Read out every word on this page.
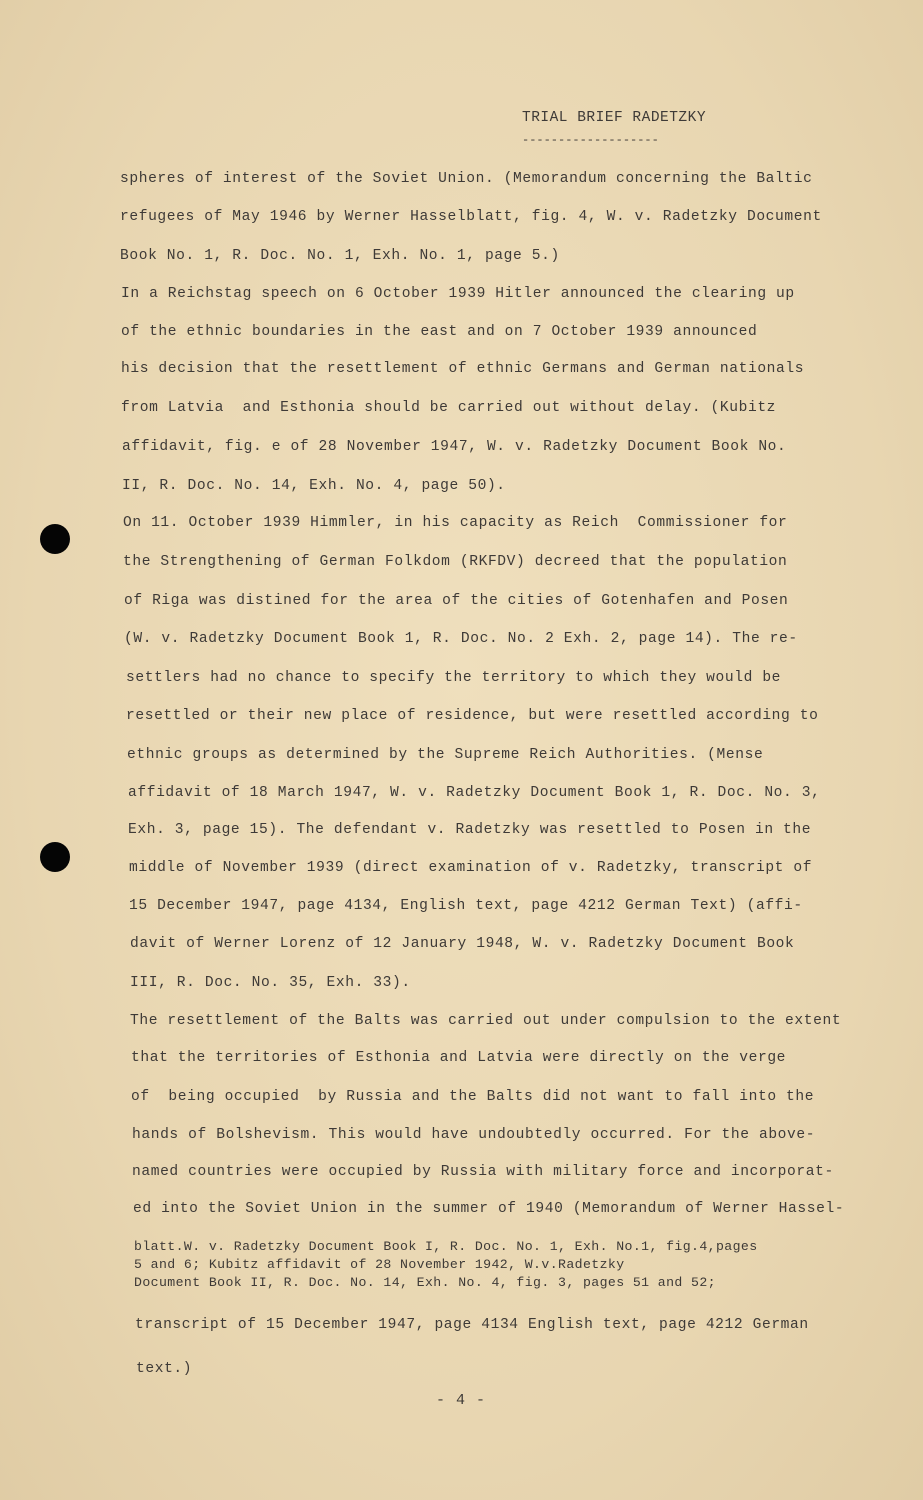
TRIAL BRIEF RADETZKY
-------------------
spheres of interest of the Soviet Union. (Memorandum concerning the Baltic
refugees of May 1946 by Werner Hasselblatt, fig. 4, W. v. Radetzky Document
Book No. 1, R. Doc. No. 1, Exh. No. 1, page 5.)
In a Reichstag speech on 6 October 1939 Hitler announced the clearing up
of the ethnic boundaries in the east and on 7 October 1939 announced
his decision that the resettlement of ethnic Germans and German nationals
from Latvia  and Esthonia should be carried out without delay. (Kubitz
affidavit, fig. e of 28 November 1947, W. v. Radetzky Document Book No.
II, R. Doc. No. 14, Exh. No. 4, page 50).
On 11. October 1939 Himmler, in his capacity as Reich  Commissioner for
the Strengthening of German Folkdom (RKFDV) decreed that the population
of Riga was distined for the area of the cities of Gotenhafen and Posen
(W. v. Radetzky Document Book 1, R. Doc. No. 2 Exh. 2, page 14). The re-
settlers had no chance to specify the territory to which they would be
resettled or their new place of residence, but were resettled according to
ethnic groups as determined by the Supreme Reich Authorities. (Mense
affidavit of 18 March 1947, W. v. Radetzky Document Book 1, R. Doc. No. 3,
Exh. 3, page 15). The defendant v. Radetzky was resettled to Posen in the
middle of November 1939 (direct examination of v. Radetzky, transcript of
15 December 1947, page 4134, English text, page 4212 German Text) (affi-
davit of Werner Lorenz of 12 January 1948, W. v. Radetzky Document Book
III, R. Doc. No. 35, Exh. 33).
The resettlement of the Balts was carried out under compulsion to the extent
that the territories of Esthonia and Latvia were directly on the verge
of  being occupied  by Russia and the Balts did not want to fall into the
hands of Bolshevism. This would have undoubtedly occurred. For the above-
named countries were occupied by Russia with military force and incorporat-
ed into the Soviet Union in the summer of 1940 (Memorandum of Werner Hassel-
blatt.W. v. Radetzky Document Book I, R. Doc. No. 1, Exh. No.1, fig.4,pages
5 and 6; Kubitz affidavit of 28 November 1942, W.v.Radetzky
Document Book II, R. Doc. No. 14, Exh. No. 4, fig. 3, pages 51 and 52;
transcript of 15 December 1947, page 4134 English text, page 4212 German
text.)
- 4 -
